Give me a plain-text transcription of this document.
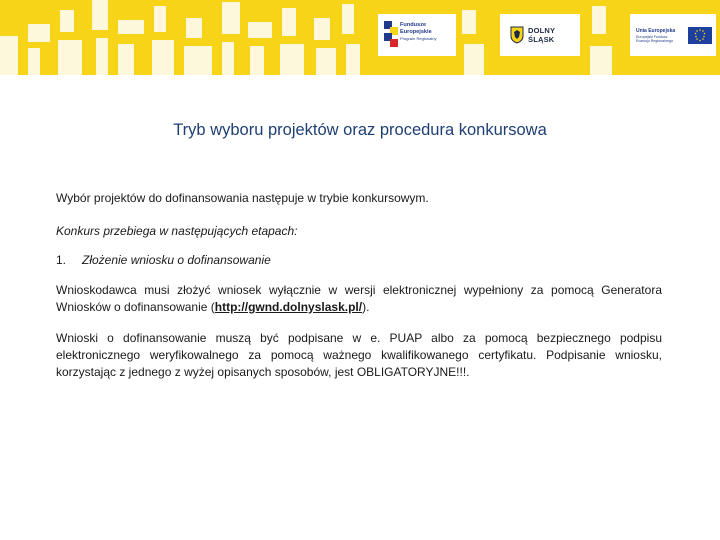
Fundusze
Europejskie
Program Regionalny
DOLNY
ŚLĄSK
Unia Europejska
Europejski Fundusz
Rozwoju Regionalnego
Tryb wyboru projektów oraz procedura konkursowa

Wybór projektów do dofinansowania następuje w trybie konkursowym.

Konkurs przebiega w następujących etapach:

1.	Złożenie wniosku o dofinansowanie

Wnioskodawca musi złożyć wniosek wyłącznie w wersji elektronicznej wypełniony za pomocą Generatora Wniosków o dofinansowanie (http://gwnd.dolnyslask.pl/).

Wnioski o dofinansowanie muszą być podpisane w e. PUAP albo za pomocą bezpiecznego podpisu elektronicznego weryfikowalnego za pomocą ważnego kwalifikowanego certyfikatu. Podpisanie wniosku, korzystając z jednego z wyżej opisanych sposobów, jest OBLIGATORYJNE!!!.
